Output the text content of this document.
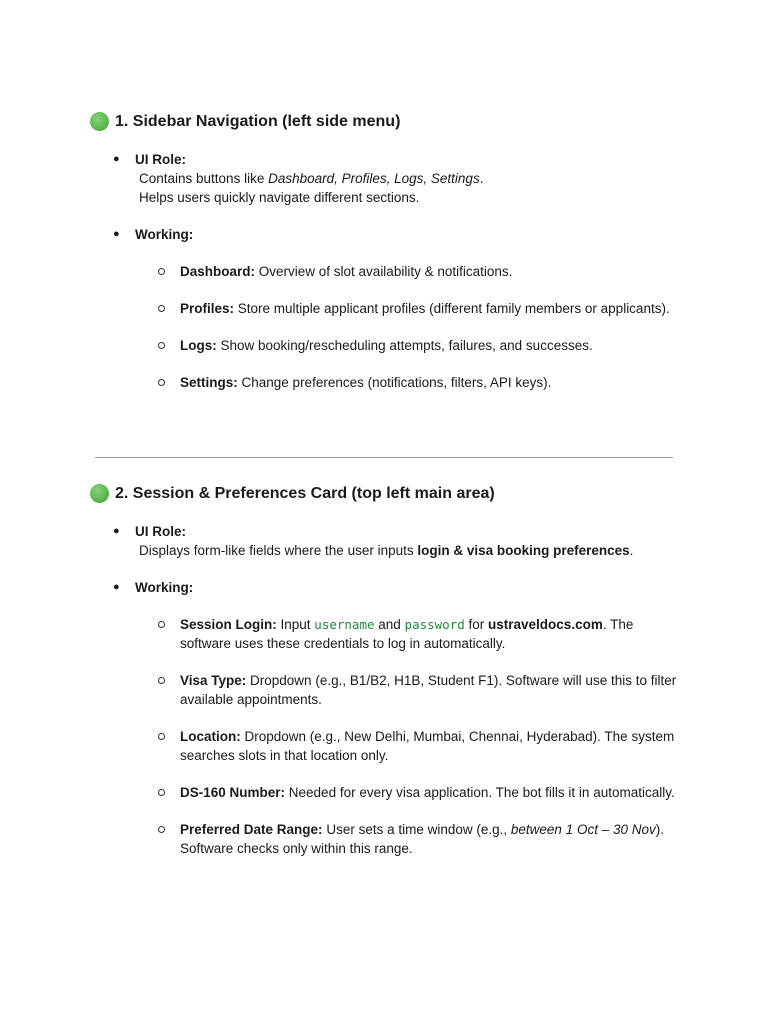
1. Sidebar Navigation (left side menu)
● UI Role:
Contains buttons like Dashboard, Profiles, Logs, Settings.
Helps users quickly navigate different sections.
● Working:
Dashboard: Overview of slot availability & notifications.
Profiles: Store multiple applicant profiles (different family members or applicants).
Logs: Show booking/rescheduling attempts, failures, and successes.
Settings: Change preferences (notifications, filters, API keys).
2. Session & Preferences Card (top left main area)
● UI Role:
Displays form-like fields where the user inputs login & visa booking preferences.
● Working:
Session Login: Input username and password for ustraveldocs.com. The software uses these credentials to log in automatically.
Visa Type: Dropdown (e.g., B1/B2, H1B, Student F1). Software will use this to filter available appointments.
Location: Dropdown (e.g., New Delhi, Mumbai, Chennai, Hyderabad). The system searches slots in that location only.
DS-160 Number: Needed for every visa application. The bot fills it in automatically.
Preferred Date Range: User sets a time window (e.g., between 1 Oct – 30 Nov). Software checks only within this range.
